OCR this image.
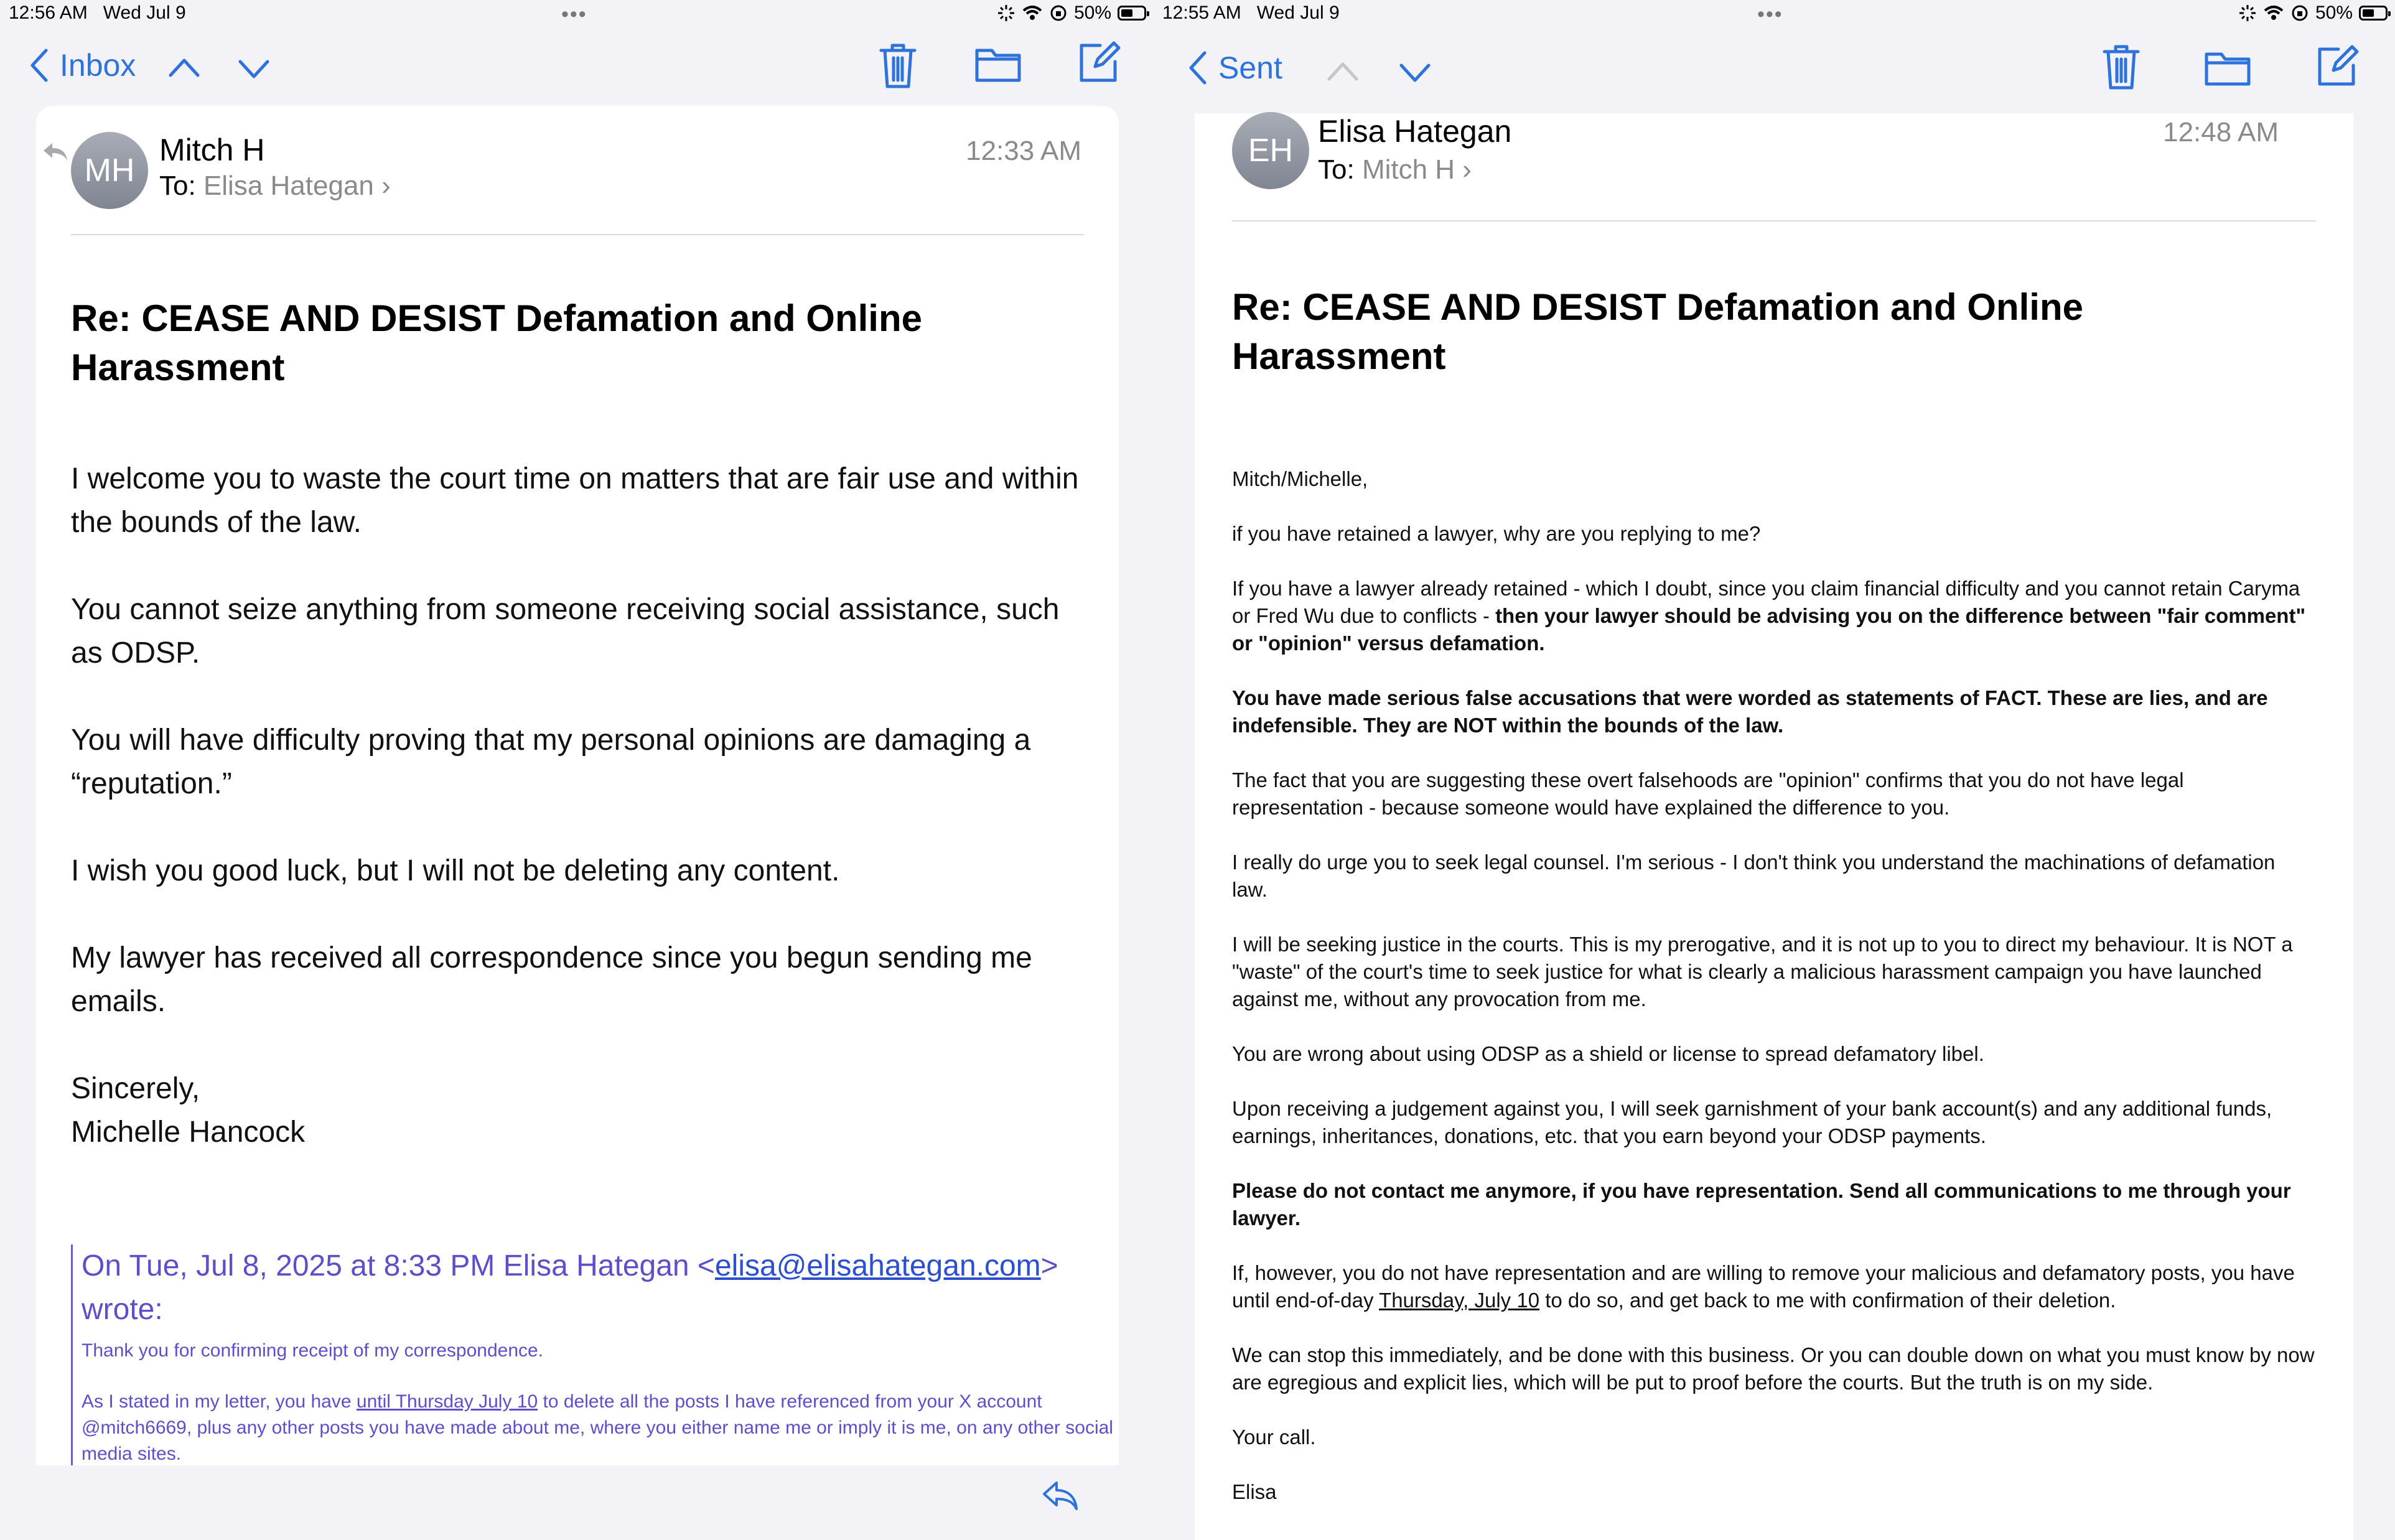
12:56 AM Wed Jul 9	•••	50%
Inbox
MH
Mitch H
To: Elisa Hategan ›
12:33 AM
Re: CEASE AND DESIST Defamation and Online Harassment

I welcome you to waste the court time on matters that are fair use and within the bounds of the law.

You cannot seize anything from someone receiving social assistance, such as ODSP.

You will have difficulty proving that my personal opinions are damaging a “reputation.”

I wish you good luck, but I will not be deleting any content.

My lawyer has received all correspondence since you begun sending me emails.

Sincerely,
Michelle Hancock

On Tue, Jul 8, 2025 at 8:33 PM Elisa Hategan <elisa@elisahategan.com> wrote:
Thank you for confirming receipt of my correspondence.
As I stated in my letter, you have until Thursday July 10 to delete all the posts I have referenced from your X account @mitch6669, plus any other posts you have made about me, where you either name me or imply it is me, on any other social media sites.
12:55 AM Wed Jul 9	•••	50%
Sent
EH
Elisa Hategan
To: Mitch H ›
12:48 AM
Re: CEASE AND DESIST Defamation and Online Harassment

Mitch/Michelle,

if you have retained a lawyer, why are you replying to me?

If you have a lawyer already retained - which I doubt, since you claim financial difficulty and you cannot retain Caryma or Fred Wu due to conflicts - then your lawyer should be advising you on the difference between "fair comment" or "opinion" versus defamation.

You have made serious false accusations that were worded as statements of FACT. These are lies, and are indefensible. They are NOT within the bounds of the law.

The fact that you are suggesting these overt falsehoods are "opinion" confirms that you do not have legal representation - because someone would have explained the difference to you.

I really do urge you to seek legal counsel. I'm serious - I don't think you understand the machinations of defamation law.

I will be seeking justice in the courts. This is my prerogative, and it is not up to you to direct my behaviour. It is NOT a "waste" of the court's time to seek justice for what is clearly a malicious harassment campaign you have launched against me, without any provocation from me.

You are wrong about using ODSP as a shield or license to spread defamatory libel.

Upon receiving a judgement against you, I will seek garnishment of your bank account(s) and any additional funds, earnings, inheritances, donations, etc. that you earn beyond your ODSP payments.

Please do not contact me anymore, if you have representation. Send all communications to me through your lawyer.

If, however, you do not have representation and are willing to remove your malicious and defamatory posts, you have until end-of-day Thursday, July 10 to do so, and get back to me with confirmation of their deletion.

We can stop this immediately, and be done with this business. Or you can double down on what you must know by now are egregious and explicit lies, which will be put to proof before the courts. But the truth is on my side.

Your call.

Elisa
